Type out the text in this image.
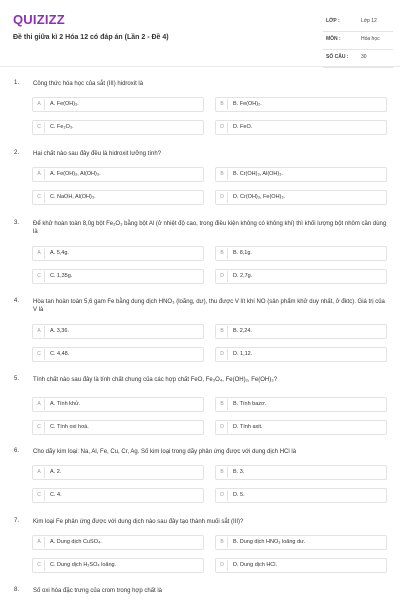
QUIZIZZ
Đề thi giữa kì 2 Hóa 12 có đáp án (Lần 2 - Đề 4)
LỚP :	Lớp 12
MÔN :	Hóa học
SỐ CÂU :	30
1. Công thức hóa học của sắt (III) hidroxit là
A	A. Fe(OH)₃.	B	B. Fe(OH)₂.
C	C. Fe₂O₃.	D	D. FeO.
2. Hai chất nào sau đây đều là hidroxit lưỡng tính?
A	A. Fe(OH)₃, Al(OH)₃.	B	B. Cr(OH)₃, Al(OH)₃.
C	C. NaOH, Al(OH)₃.	D	D. Cr(OH)₃, Fe(OH)₃.
3. Để khử hoàn toàn 8,0g bột Fe₂O₃ bằng bột Al (ở nhiệt độ cao, trong điều kiện không có không khí) thì khối lượng bột nhôm cần dùng là
A	A. 5,4g.	B	B. 8,1g.
C	C. 1,35g.	D	D. 2,7g.
4. Hòa tan hoàn toàn 5,6 gam Fe bằng dung dịch HNO₃ (loãng, dư), thu được V lít khí NO (sản phẩm khử duy nhất, ở đktc). Giá trị của V là
A	A. 3,36.	B	B. 2,24.
C	C. 4,48.	D	D. 1,12.
5. Tính chất nào sau đây là tính chất chung của các hợp chất FeO, Fe₃O₄, Fe(OH)₂, Fe(OH)₃?
A	A. Tính khử.	B	B. Tính bazơ.
C	C. Tính oxi hoá.	D	D. Tính axit.
6. Cho dãy kim loại: Na, Al, Fe, Cu, Cr, Ag. Số kim loại trong dãy phản ứng được với dung dịch HCl là
A	A. 2.	B	B. 3.
C	C. 4.	D	D. 5.
7. Kim loại Fe phản ứng được với dung dịch nào sau đây tạo thành muối sắt (III)?
A	A. Dung dịch CuSO₄.	B	B. Dung dịch HNO₃ loãng dư.
C	C. Dung dịch H₂SO₄ loãng.	D	D. Dung dịch HCl.
8. Số oxi hóa đặc trưng của crom trong hợp chất là
